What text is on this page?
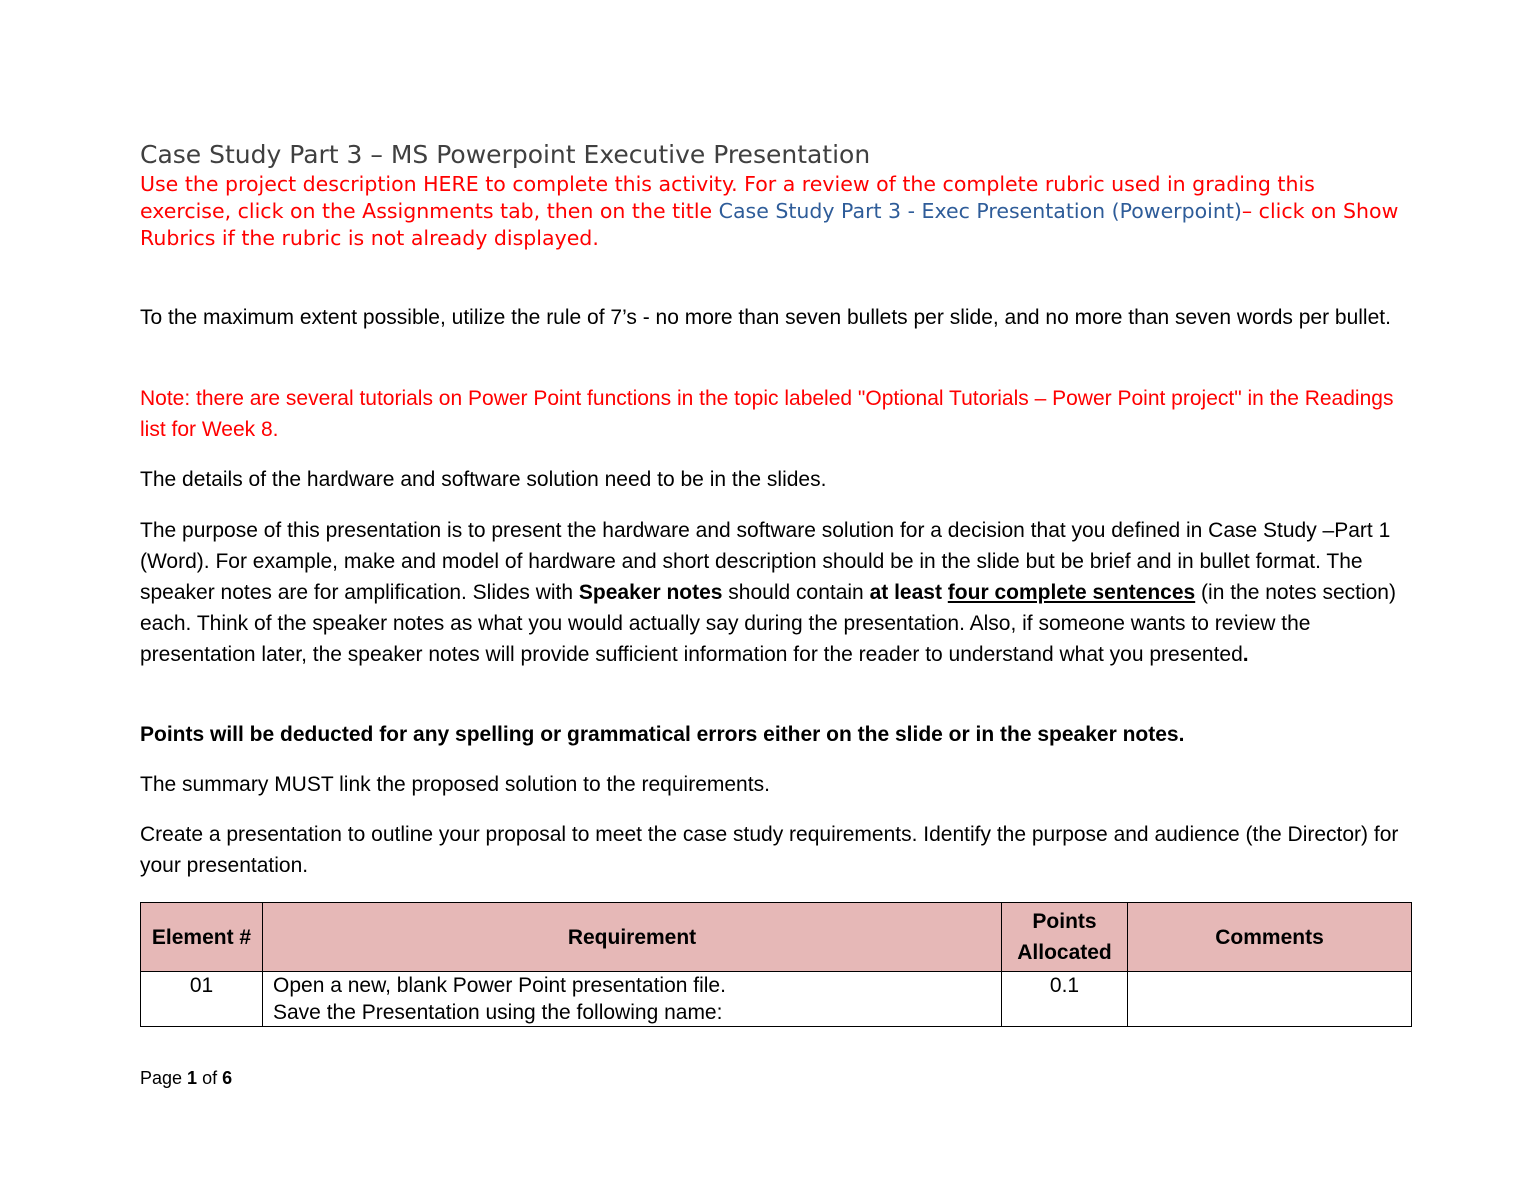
Case Study Part 3 – MS Powerpoint Executive Presentation
Use the project description HERE to complete this activity. For a review of the complete rubric used in grading this exercise, click on the Assignments tab, then on the title Case Study Part 3 - Exec Presentation (Powerpoint)– click on Show Rubrics if the rubric is not already displayed.

To the maximum extent possible, utilize the rule of 7’s - no more than seven bullets per slide, and no more than seven words per bullet.

Note: there are several tutorials on Power Point functions in the topic labeled "Optional Tutorials – Power Point project" in the Readings list for Week 8.

The details of the hardware and software solution need to be in the slides.

The purpose of this presentation is to present the hardware and software solution for a decision that you defined in Case Study –Part 1 (Word). For example, make and model of hardware and short description should be in the slide but be brief and in bullet format. The speaker notes are for amplification. Slides with Speaker notes should contain at least four complete sentences (in the notes section) each. Think of the speaker notes as what you would actually say during the presentation. Also, if someone wants to review the presentation later, the speaker notes will provide sufficient information for the reader to understand what you presented.

Points will be deducted for any spelling or grammatical errors either on the slide or in the speaker notes.

The summary MUST link the proposed solution to the requirements.

Create a presentation to outline your proposal to meet the case study requirements. Identify the purpose and audience (the Director) for your presentation.

Element #	Requirement	Points Allocated	Comments
01	Open a new, blank Power Point presentation file.
Save the Presentation using the following name:	0.1	
Page 1 of 6
